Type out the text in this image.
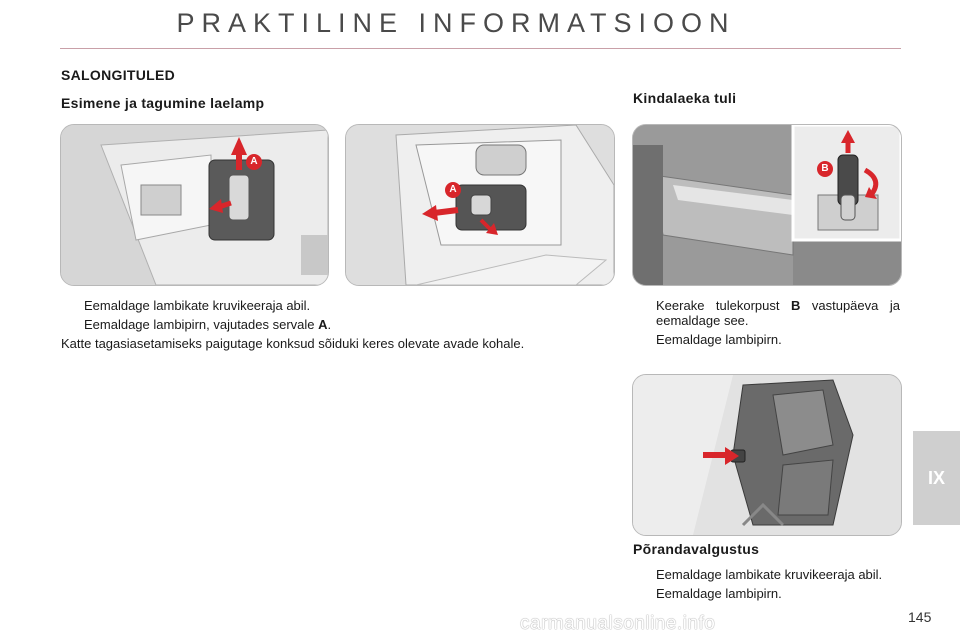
PRAKTILINE INFORMATSIOON
SALONGITULED
Esimene ja tagumine laelamp	Kindalaeka tuli
A
A
B
Eemaldage lambikate kruvikeeraja abil.
Eemaldage lambipirn, vajutades servale A.
Katte tagasiasetamiseks paigutage konksud sõiduki keres olevate avade kohale.
Keerake tulekorpust B vastupäeva ja eemaldage see.
Eemaldage lambipirn.
Põrandavalgustus
Eemaldage lambikate kruvikeeraja abil.
Eemaldage lambipirn.
IX
carmanualsonline.info	145
